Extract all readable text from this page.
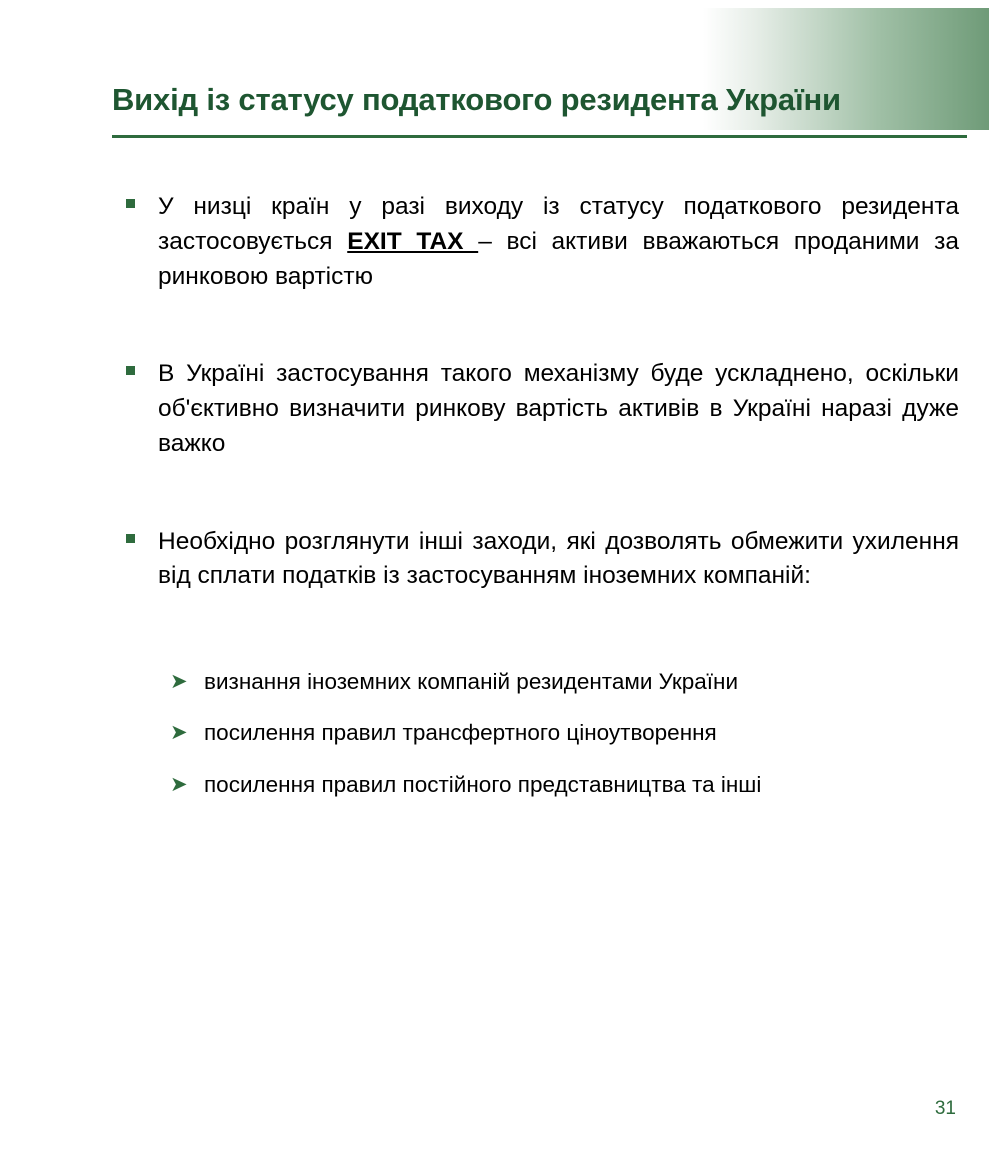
Вихід із статусу податкового резидента України
У низці країн у разі виходу із статусу податкового резидента застосовується EXIT TAX – всі активи вважаються проданими за ринковою вартістю
В Україні застосування такого механізму буде ускладнено, оскільки об'єктивно визначити ринкову вартість активів в Україні наразі дуже важко
Необхідно розглянути інші заходи, які дозволять обмежити ухилення від сплати податків із застосуванням іноземних компаній:
➤ визнання іноземних компаній резидентами України
➤ посилення правил трансфертного ціноутворення
➤ посилення правил постійного представництва та інші
31
